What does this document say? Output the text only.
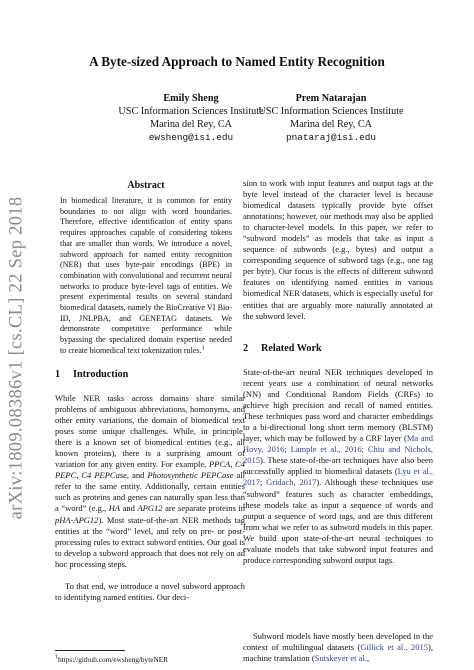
arXiv:1809.08386v1 [cs.CL] 22 Sep 2018
A Byte-sized Approach to Named Entity Recognition
Emily Sheng
USC Information Sciences Institute
Marina del Rey, CA
ewsheng@isi.edu
Prem Natarajan
USC Information Sciences Institute
Marina del Rey, CA
pnataraj@isi.edu
Abstract

In biomedical literature, it is common for entity boundaries to not align with word boundaries. Therefore, effective identification of entity spans requires approaches capable of considering tokens that are smaller than words. We introduce a novel, subword approach for named entity recognition (NER) that uses byte-pair encodings (BPE) in combination with convolutional and recurrent neural networks to produce byte-level tags of entities. We present experimental results on several standard biomedical datasets, namely the BioCreative VI Bio-ID, JNLPBA, and GENETAG datasets. We demonstrate competitive performance while bypassing the specialized domain expertise needed to create biomedical text tokenization rules.$^1$

1 Introduction

While NER tasks across domains share similar problems of ambiguous abbreviations, homonyms, and other entity variations, the domain of biomedical text poses some unique challenges. While, in principle, there is a known set of biomedical entities (e.g., all known proteins), there is a surprising amount of variation for any given entity. For example, PPCA, C4 PEPC, C4 PEPCase, and Photosynthetic PEPCase all refer to the same entity. Additionally, certain entities such as proteins and genes can naturally span less than a “word” (e.g., HA and APG12 are separate proteins in pHA-APG12). Most state-of-the-art NER methods tag entities at the “word” level, and rely on pre- or post-processing rules to extract subword entities. Our goal is to develop a subword approach that does not rely on ad hoc processing steps.

To that end, we introduce a novel subword approach to identifying named entities. Our deci-

sion to work with input features and output tags at the byte level instead of the character level is because biomedical datasets typically provide byte offset annotations; however, our methods may also be applied to character-level models. In this paper, we refer to “subword models” as models that take as input a sequence of subwords (e.g., bytes) and output a corresponding sequence of subword tags (e.g., one tag per byte). Our focus is the effects of different subword features on identifying named entities in various biomedical NER datasets, which is especially useful for entities that are arguably more naturally annotated at the subword level.

2 Related Work

State-of-the-art neural NER techniques developed in recent years use a combination of neural networks (NN) and Conditional Random Fields (CRFs) to achieve high precision and recall of named entities. These techniques pass word and character embeddings to a bi-directional long short term memory (BLSTM) layer, which may be followed by a CRF layer (Ma and Hovy, 2016; Lample et al., 2016; Chiu and Nichols, 2015). These state-of-the-art techniques have also been successfully applied to biomedical datasets (Lyu et al., 2017; Gridach, 2017). Although these techniques use “subword” features such as character embeddings, these models take as input a sequence of words and output a sequence of word tags, and are thus different from what we refer to as subword models in this paper. We build upon state-of-the-art neural techniques to evaluate models that take subword input features and produce corresponding subword output tags.

Subword models have mostly been developed in the context of multilingual datasets (Gillick et al., 2015), machine translation (Sutskever et al.,

$^1$https://github.com/ewsheng/byteNER
